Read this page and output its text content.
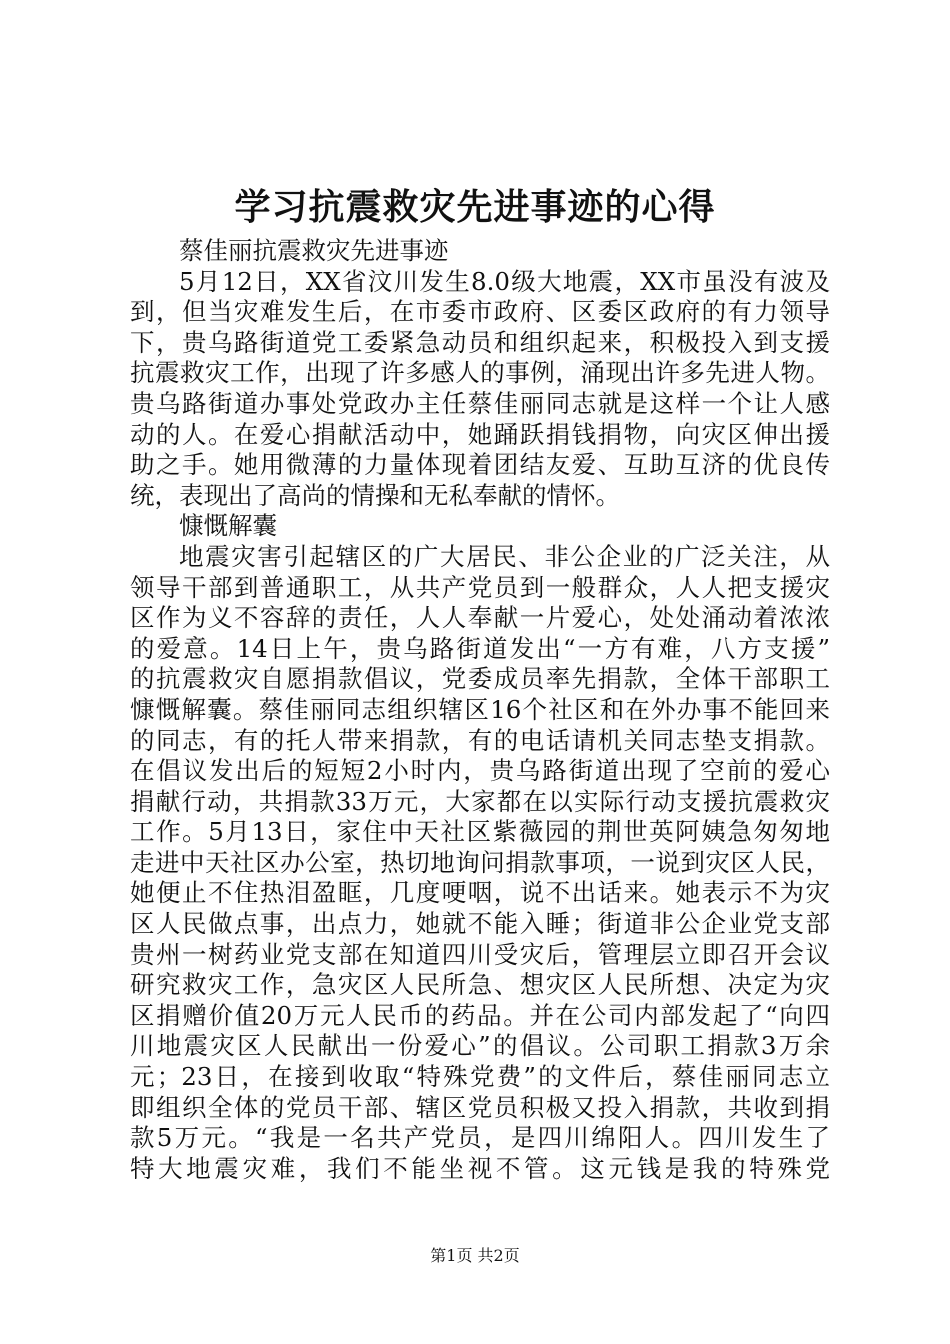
学习抗震救灾先进事迹的心得
蔡佳丽抗震救灾先进事迹
5月12日，XX省汶川发生8.0级大地震，XX市虽没有波及
到，但当灾难发生后，在市委市政府、区委区政府的有力领导
下，贵乌路街道党工委紧急动员和组织起来，积极投入到支援
抗震救灾工作，出现了许多感人的事例，涌现出许多先进人物。
贵乌路街道办事处党政办主任蔡佳丽同志就是这样一个让人感
动的人。在爱心捐献活动中，她踊跃捐钱捐物，向灾区伸出援
助之手。她用微薄的力量体现着团结友爱、互助互济的优良传
统，表现出了高尚的情操和无私奉献的情怀。
慷慨解囊
地震灾害引起辖区的广大居民、非公企业的广泛关注，从
领导干部到普通职工，从共产党员到一般群众，人人把支援灾
区作为义不容辞的责任，人人奉献一片爱心，处处涌动着浓浓
的爱意。14日上午，贵乌路街道发出“一方有难，八方支援”
的抗震救灾自愿捐款倡议，党委成员率先捐款，全体干部职工
慷慨解囊。蔡佳丽同志组织辖区16个社区和在外办事不能回来
的同志，有的托人带来捐款，有的电话请机关同志垫支捐款。
在倡议发出后的短短2小时内，贵乌路街道出现了空前的爱心
捐献行动，共捐款33万元，大家都在以实际行动支援抗震救灾
工作。5月13日，家住中天社区紫薇园的荆世英阿姨急匆匆地
走进中天社区办公室，热切地询问捐款事项，一说到灾区人民，
她便止不住热泪盈眶，几度哽咽，说不出话来。她表示不为灾
区人民做点事，出点力，她就不能入睡；街道非公企业党支部
贵州一树药业党支部在知道四川受灾后，管理层立即召开会议
研究救灾工作，急灾区人民所急、想灾区人民所想、决定为灾
区捐赠价值20万元人民币的药品。并在公司内部发起了“向四
川地震灾区人民献出一份爱心”的倡议。公司职工捐款3万余
元；23日，在接到收取“特殊党费”的文件后，蔡佳丽同志立
即组织全体的党员干部、辖区党员积极又投入捐款，共收到捐
款5万元。“我是一名共产党员，是四川绵阳人。四川发生了
特大地震灾难，我们不能坐视不管。这元钱是我的特殊党
第1页 共2页
